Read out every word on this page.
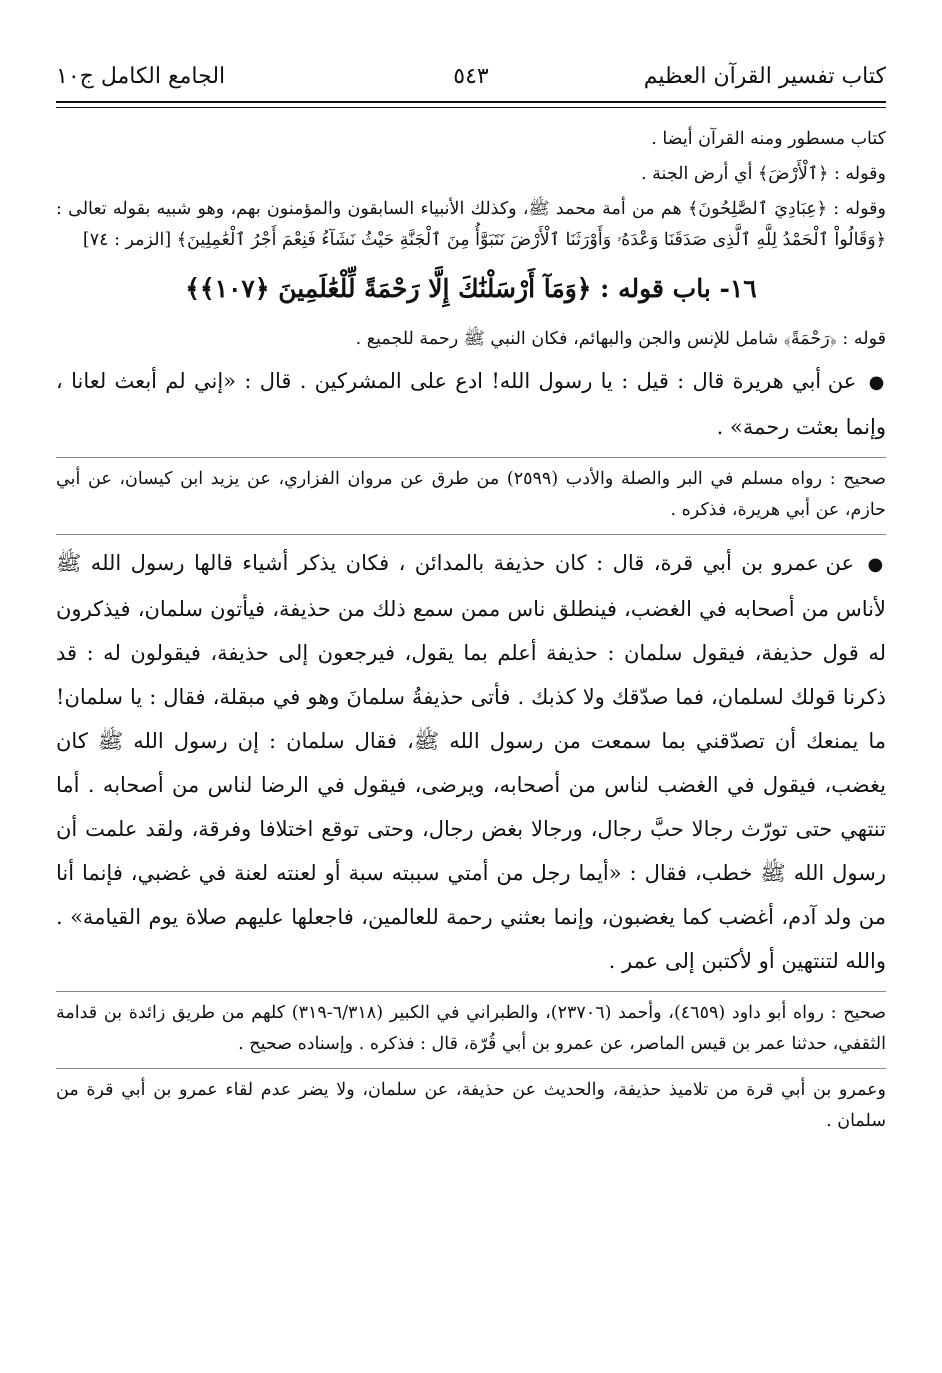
كتاب تفسير القرآن العظيم
٥٤٣
الجامع الكامل ج١٠

كتاب مسطور ومنه القرآن أيضا .

وقوله : ﴿ٱلْأَرْضَ﴾ أي أرض الجنة .

وقوله : ﴿عِبَادِيَ ٱلصَّٰلِحُونَ﴾ هم من أمة محمد ﷺ، وكذلك الأنبياء السابقون والمؤمنون بهم، وهو شبيه بقوله تعالى : ﴿وَقَالُواْ ٱلْحَمْدُ لِلَّهِ ٱلَّذِى صَدَقَنَا وَعْدَهُۥ وَأَوْرَثَنَا ٱلْأَرْضَ نَتَبَوَّأُ مِنَ ٱلْجَنَّةِ حَيْثُ نَشَآءُ فَنِعْمَ أَجْرُ ٱلْعَٰمِلِينَ﴾ [الزمر : ٧٤]

١٦- باب قوله : ﴿وَمَآ أَرْسَلْنَٰكَ إِلَّا رَحْمَةً لِّلْعَٰلَمِينَ ﴿١٠٧﴾﴾

قوله : ﴿رَحْمَةً﴾ شامل للإنس والجن والبهائم، فكان النبي ﷺ رحمة للجميع .

● عن أبي هريرة قال : قيل : يا رسول الله! ادع على المشركين . قال : «إني لم أبعث لعانا ، وإنما بعثت رحمة» .

صحيح : رواه مسلم في البر والصلة والأدب (٢٥٩٩) من طرق عن مروان الفزاري، عن يزيد ابن كيسان، عن أبي حازم، عن أبي هريرة، فذكره .

● عن عمرو بن أبي قرة، قال : كان حذيفة بالمدائن ، فكان يذكر أشياء قالها رسول الله ﷺ لأناس من أصحابه في الغضب، فينطلق ناس ممن سمع ذلك من حذيفة، فيأتون سلمان، فيذكرون له قول حذيفة، فيقول سلمان : حذيفة أعلم بما يقول، فيرجعون إلى حذيفة، فيقولون له : قد ذكرنا قولك لسلمان، فما صدّقك ولا كذبك . فأتى حذيفةُ سلمانَ وهو في مبقلة، فقال : يا سلمان! ما يمنعك أن تصدّقني بما سمعت من رسول الله ﷺ، فقال سلمان : إن رسول الله ﷺ كان يغضب، فيقول في الغضب لناس من أصحابه، ويرضى، فيقول في الرضا لناس من أصحابه . أما تنتهي حتى تورّث رجالا حبَّ رجال، ورجالا بغض رجال، وحتى توقع اختلافا وفرقة، ولقد علمت أن رسول الله ﷺ خطب، فقال : «أيما رجل من أمتي سببته سبة أو لعنته لعنة في غضبي، فإنما أنا من ولد آدم، أغضب كما يغضبون، وإنما بعثني رحمة للعالمين، فاجعلها عليهم صلاة يوم القيامة» . والله لتنتهين أو لأكتبن إلى عمر .

صحيح : رواه أبو داود (٤٦٥٩)، وأحمد (٢٣٧٠٦)، والطبراني في الكبير (٦/٣١٨-٣١٩) كلهم من طريق زائدة بن قدامة الثقفي، حدثنا عمر بن قيس الماصر، عن عمرو بن أبي قُرّة، قال : فذكره . وإسناده صحيح .

وعمرو بن أبي قرة من تلاميذ حذيفة، والحديث عن حذيفة، عن سلمان، ولا يضر عدم لقاء عمرو بن أبي قرة من سلمان .
